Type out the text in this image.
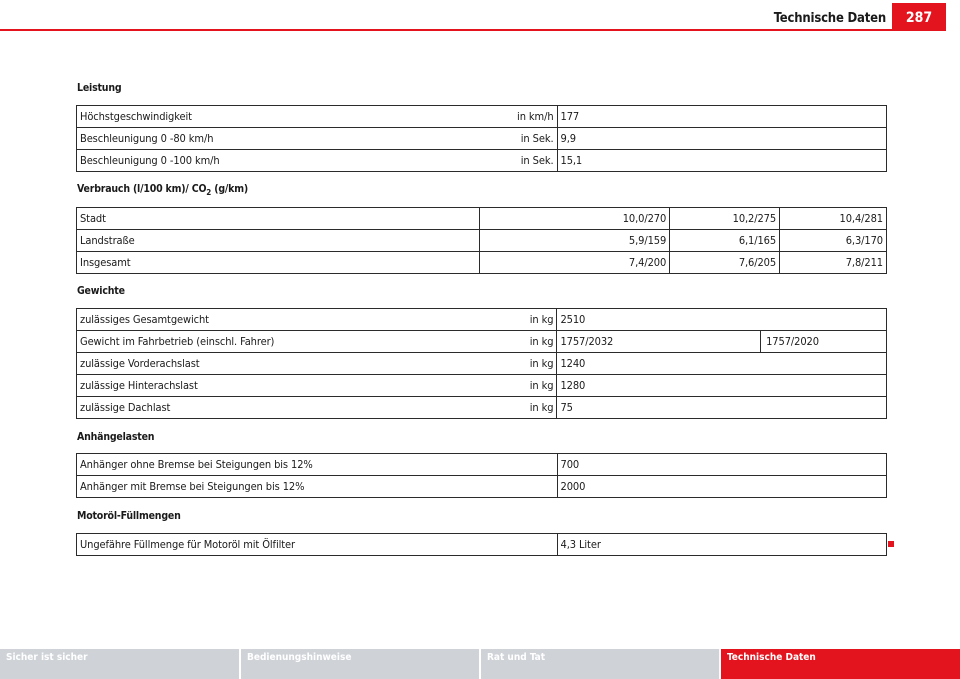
Technische Daten	287
Leistung
Höchstgeschwindigkeit	in km/h	177
Beschleunigung 0 -80 km/h	in Sek.	9,9
Beschleunigung 0 -100 km/h	in Sek.	15,1
Verbrauch (l/100 km)/ $CO_2$ (g/km)
Stadt	10,0/270	10,2/275	10,4/281
Landstraße	5,9/159	6,1/165	6,3/170
Insgesamt	7,4/200	7,6/205	7,8/211
Gewichte
zulässiges Gesamtgewicht	in kg	2510	
Gewicht im Fahrbetrieb (einschl. Fahrer)	in kg	1757/2032	1757/2020
zulässige Vorderachslast	in kg	1240	
zulässige Hinterachslast	in kg	1280	
zulässige Dachlast	in kg	75	
Anhängelasten
Anhänger ohne Bremse bei Steigungen bis 12%	700
Anhänger mit Bremse bei Steigungen bis 12%	2000
Motoröl-Füllmengen
Ungefähre Füllmenge für Motoröl mit Ölfilter	4,3 Liter
Sicher ist sicher	Bedienungshinweise	Rat und Tat	Technische Daten
